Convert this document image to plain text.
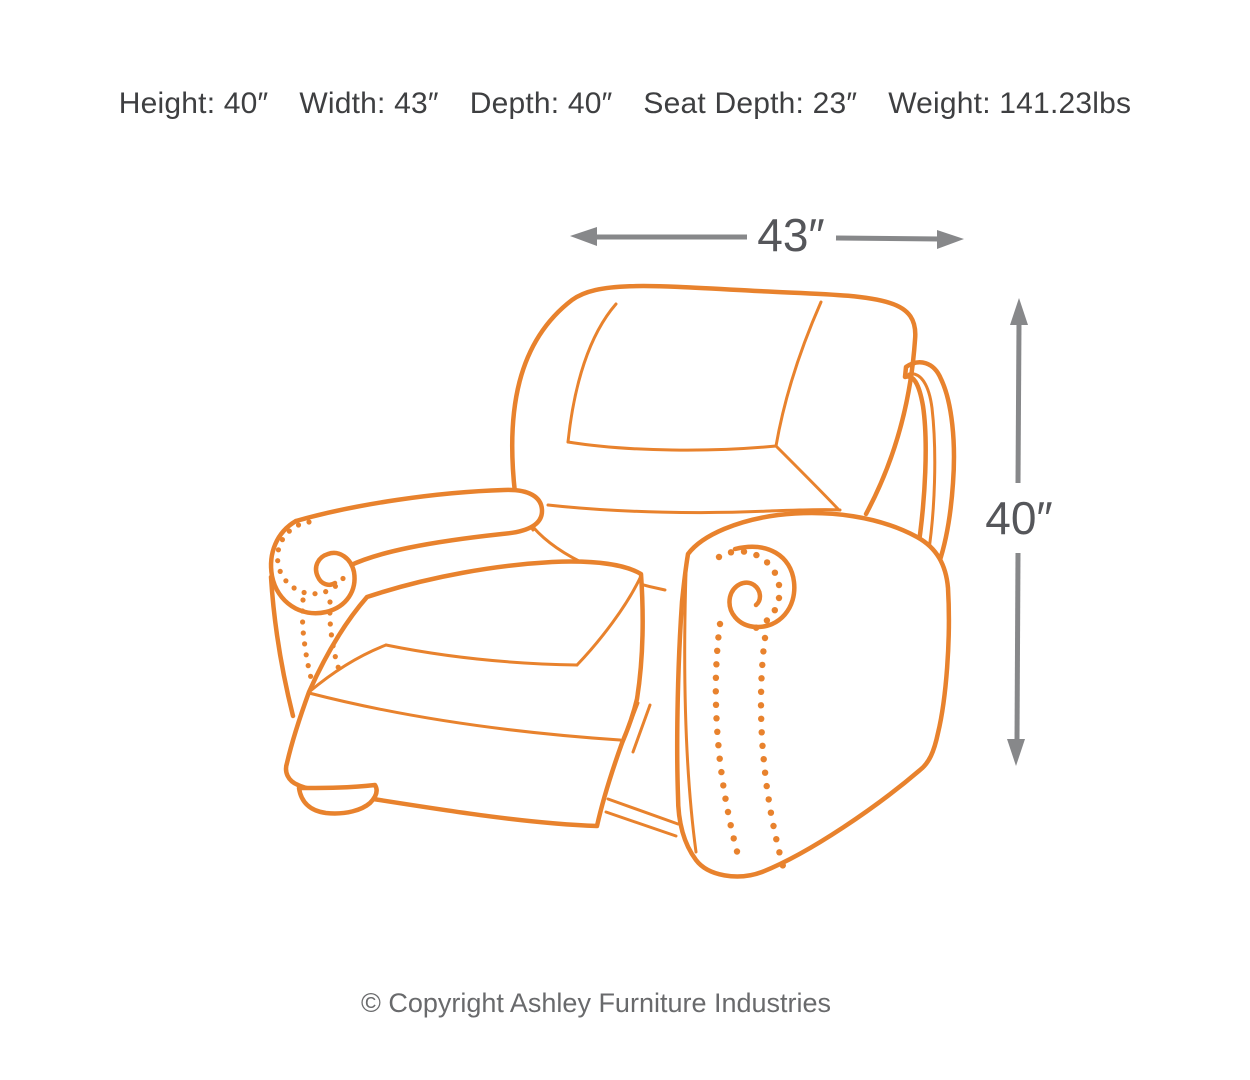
Height: 40″ Width: 43″ Depth: 40″ Seat Depth: 23″ Weight: 141.23lbs
43″
40″
© Copyright Ashley Furniture Industries
